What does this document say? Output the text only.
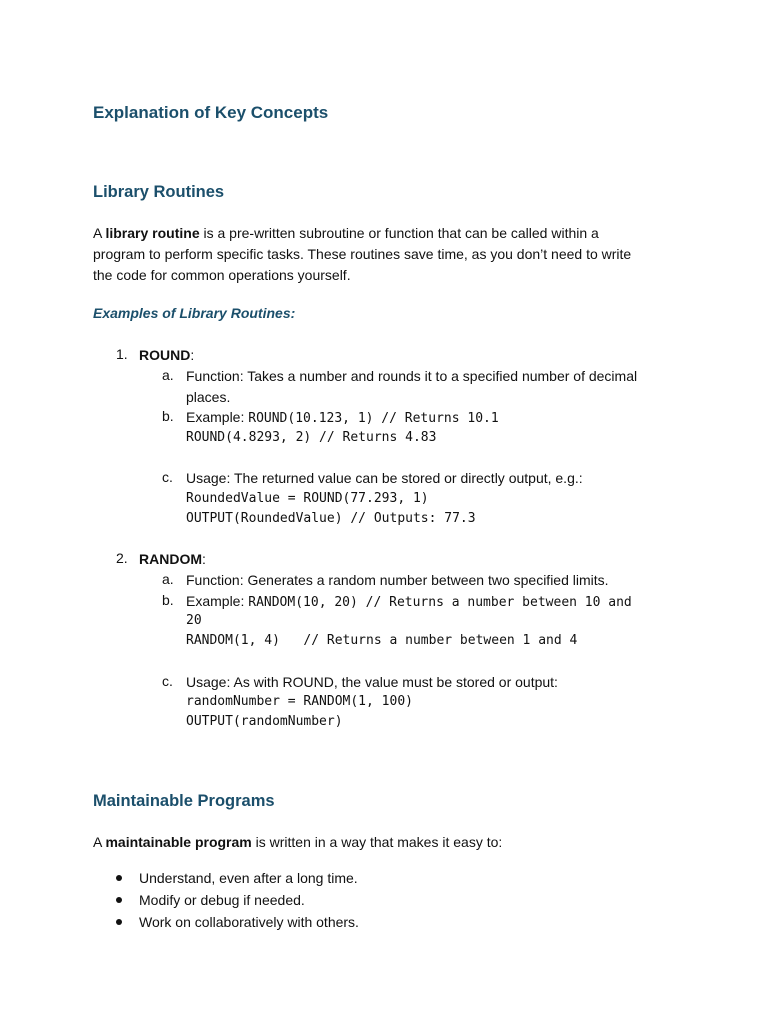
Explanation of Key Concepts
Library Routines
A library routine is a pre-written subroutine or function that can be called within a
program to perform specific tasks. These routines save time, as you don’t need to write
the code for common operations yourself.
Examples of Library Routines:
1. ROUND:
a. Function: Takes a number and rounds it to a specified number of decimal
places.
b. Example: ROUND(10.123, 1) // Returns 10.1
ROUND(4.8293, 2) // Returns 4.83
c. Usage: The returned value can be stored or directly output, e.g.:
RoundedValue = ROUND(77.293, 1)
OUTPUT(RoundedValue) // Outputs: 77.3
2. RANDOM:
a. Function: Generates a random number between two specified limits.
b. Example: RANDOM(10, 20) // Returns a number between 10 and
20
RANDOM(1, 4)   // Returns a number between 1 and 4
c. Usage: As with ROUND, the value must be stored or output:
randomNumber = RANDOM(1, 100)
OUTPUT(randomNumber)
Maintainable Programs
A maintainable program is written in a way that makes it easy to:
Understand, even after a long time.
Modify or debug if needed.
Work on collaboratively with others.
